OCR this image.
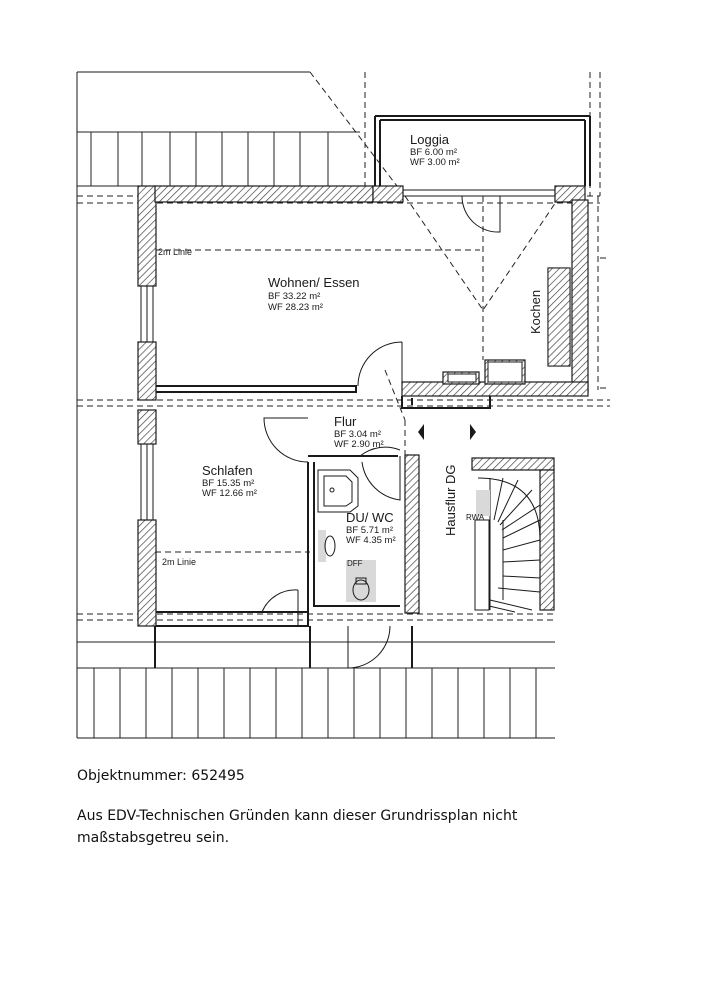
Loggia
BF 6.00 m²
WF 3.00 m²
Wohnen/ Essen
BF 33.22 m²
WF 28.23 m²	Kochen
Flur
BF 3.04 m²
WF 2.90 m²
Schlafen
BF 15.35 m²
WF 12.66 m²
DU/ WC
BF 5.71 m²
WF 4.35 m²
Hausflur DG
2m Linie
2m Linie	DFF
RWA

Objektnummer: 652495

Aus EDV-Technischen Gründen kann dieser Grundrissplan nicht maßstabsgetreu sein.
